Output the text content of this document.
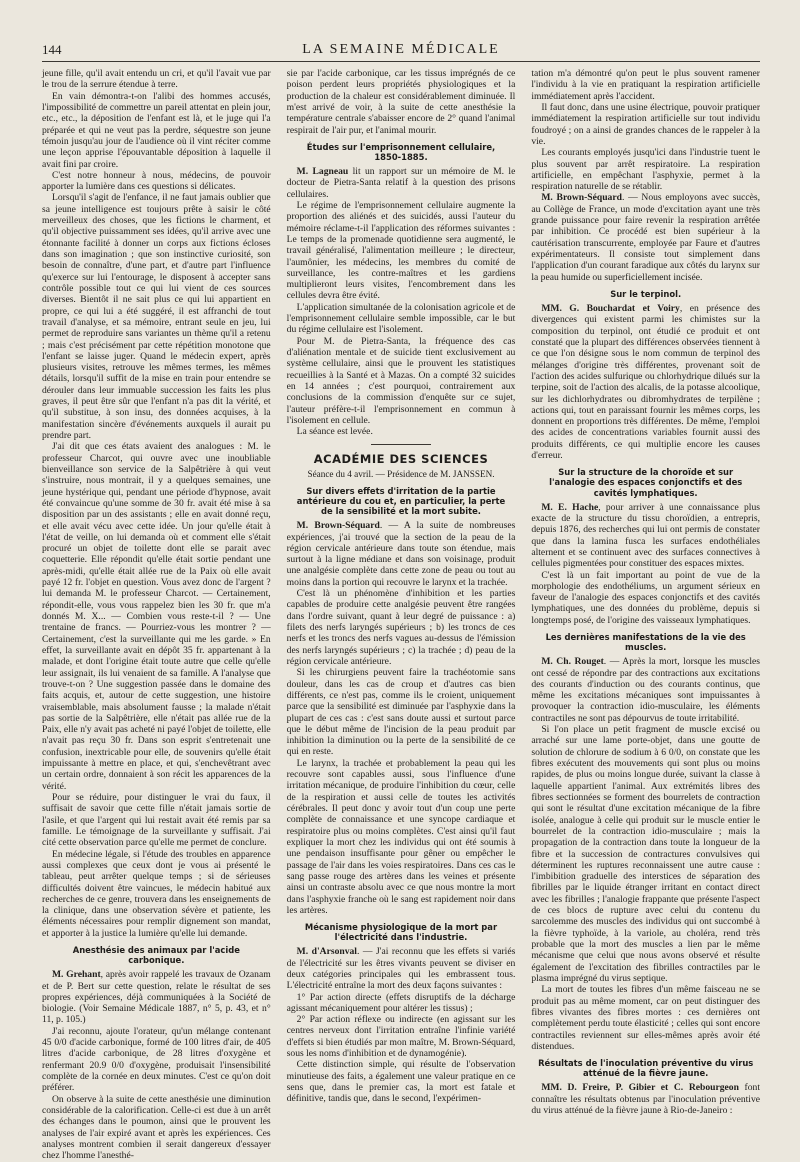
144	LA SEMAINE MÉDICALE

jeune fille, qu'il avait entendu un cri, et qu'il l'avait vue par le trou de la serrure étendue à terre.

En vain démontra-t-on l'alibi des hommes accusés, l'impossibilité de commettre un pareil attentat en plein jour, etc., etc., la déposition de l'enfant est là, et le juge qui l'a préparée et qui ne veut pas la perdre, séquestre son jeune témoin jusqu'au jour de l'audience où il vint réciter comme une leçon apprise l'épouvantable déposition à laquelle il avait fini par croire.

C'est notre honneur à nous, médecins, de pouvoir apporter la lumière dans ces questions si délicates.

Lorsqu'il s'agit de l'enfance, il ne faut jamais oublier que sa jeune intelligence est toujours prête à saisir le côté merveilleux des choses, que les fictions le charment, et qu'il objective puissamment ses idées, qu'il arrive avec une étonnante facilité à donner un corps aux fictions écloses dans son imagination ; que son instinctive curiosité, son besoin de connaître, d'une part, et d'autre part l'influence qu'exerce sur lui l'entourage, le disposent à accepter sans contrôle possible tout ce qui lui vient de ces sources diverses. Bientôt il ne sait plus ce qui lui appartient en propre, ce qui lui a été suggéré, il est affranchi de tout travail d'analyse, et sa mémoire, entrant seule en jeu, lui permet de reproduire sans variantes un thème qu'il a retenu ; mais c'est précisément par cette répétition monotone que l'enfant se laisse juger. Quand le médecin expert, après plusieurs visites, retrouve les mêmes termes, les mêmes détails, lorsqu'il suffit de la mise en train pour entendre se dérouler dans leur immuable succession les faits les plus graves, il peut être sûr que l'enfant n'a pas dit la vérité, et qu'il substitue, à son insu, des données acquises, à la manifestation sincère d'événements auxquels il aurait pu prendre part.

J'ai dit que ces états avaient des analogues : M. le professeur Charcot, qui ouvre avec une inoubliable bienveillance son service de la Salpêtrière à qui veut s'instruire, nous montrait, il y a quelques semaines, une jeune hystérique qui, pendant une période d'hypnose, avait été convaincue qu'une somme de 30 fr. avait été mise à sa disposition par un des assistants ; elle en avait donné reçu, et elle avait vécu avec cette idée. Un jour qu'elle était à l'état de veille, on lui demanda où et comment elle s'était procuré un objet de toilette dont elle se parait avec coquetterie. Elle répondit qu'elle était sortie pendant une après-midi, qu'elle était allée rue de la Paix où elle avait payé 12 fr. l'objet en question. Vous avez donc de l'argent ? lui demanda M. le professeur Charcot. — Certainement, répondit-elle, vous vous rappelez bien les 30 fr. que m'a donnés M. X... — Combien vous reste-t-il ? — Une trentaine de francs. — Pourriez-vous les montrer ? — Certainement, c'est la surveillante qui me les garde. » En effet, la surveillante avait en dépôt 35 fr. appartenant à la malade, et dont l'origine était toute autre que celle qu'elle leur assignait, ils lui venaient de sa famille. A l'analyse que trouve-t-on ? Une suggestion passée dans le domaine des faits acquis, et, autour de cette suggestion, une histoire vraisemblable, mais absolument fausse ; la malade n'était pas sortie de la Salpêtrière, elle n'était pas allée rue de la Paix, elle n'y avait pas acheté ni payé l'objet de toilette, elle n'avait pas reçu 30 fr. Dans son esprit s'entretenait une confusion, inextricable pour elle, de souvenirs qu'elle était impuissante à mettre en place, et qui, s'enchevêtrant avec un certain ordre, donnaient à son récit les apparences de la vérité.

Pour se réduire, pour distinguer le vrai du faux, il suffisait de savoir que cette fille n'était jamais sortie de l'asile, et que l'argent qui lui restait avait été remis par sa famille. Le témoignage de la surveillante y suffisait. J'ai cité cette observation parce qu'elle me permet de conclure.

En médecine légale, si l'étude des troubles en apparence aussi complexes que ceux dont je vous ai présenté le tableau, peut arrêter quelque temps ; si de sérieuses difficultés doivent être vaincues, le médecin habitué aux recherches de ce genre, trouvera dans les enseignements de la clinique, dans une observation sévère et patiente, les éléments nécessaires pour remplir dignement son mandat, et apporter à la justice la lumière qu'elle lui demande.

Anesthésie des animaux par l'acide carbonique.

M. Grehant, après avoir rappelé les travaux de Ozanam et de P. Bert sur cette question, relate le résultat de ses propres expériences, déjà communiquées à la Société de biologie. (Voir Semaine Médicale 1887, n° 5, p. 43, et n° 11, p. 105.)

J'ai reconnu, ajoute l'orateur, qu'un mélange contenant 45 0/0 d'acide carbonique, formé de 100 litres d'air, de 405 litres d'acide carbonique, de 28 litres d'oxygène et renfermant 20.9 0/0 d'oxygène, produisait l'insensibilité complète de la cornée en deux minutes. C'est ce qu'on doit préférer.

On observe à la suite de cette anesthésie une diminution considérable de la calorification. Celle-ci est due à un arrêt des échanges dans le poumon, ainsi que le prouvent les analyses de l'air expiré avant et après les expériences. Ces analyses montrent combien il serait dangereux d'essayer chez l'homme l'anesthé-

sie par l'acide carbonique, car les tissus imprégnés de ce poison perdent leurs propriétés physiologiques et la production de la chaleur est considérablement diminuée. Il m'est arrivé de voir, à la suite de cette anesthésie la température centrale s'abaisser encore de 2° quand l'animal respirait de l'air pur, et l'animal mourir.

Études sur l'emprisonnement cellulaire, 1850-1885.

M. Lagneau lit un rapport sur un mémoire de M. le docteur de Pietra-Santa relatif à la question des prisons cellulaires.

Le régime de l'emprisonnement cellulaire augmente la proportion des aliénés et des suicidés, aussi l'auteur du mémoire réclame-t-il l'application des réformes suivantes : Le temps de la promenade quotidienne sera augmenté, le travail généralisé, l'alimentation meilleure ; le directeur, l'aumônier, les médecins, les membres du comité de surveillance, les contre-maîtres et les gardiens multiplieront leurs visites, l'encombrement dans les cellules devra être évité.

L'application simultanée de la colonisation agricole et de l'emprisonnement cellulaire semble impossible, car le but du régime cellulaire est l'isolement.

Pour M. de Pietra-Santa, la fréquence des cas d'aliénation mentale et de suicide tient exclusivement au système cellulaire, ainsi que le prouvent les statistiques recueillies à la Santé et à Mazas. On a compté 32 suicides en 14 années ; c'est pourquoi, contrairement aux conclusions de la commission d'enquête sur ce sujet, l'auteur préfère-t-il l'emprisonnement en commun à l'isolement en cellule.

La séance est levée.

ACADÉMIE DES SCIENCES
Séance du 4 avril. — Présidence de M. JANSSEN.
Sur divers effets d'irritation de la partie antérieure du cou et, en particulier, la perte de la sensibilité et la mort subite.

M. Brown-Séquard. — A la suite de nombreuses expériences, j'ai trouvé que la section de la peau de la région cervicale antérieure dans toute son étendue, mais surtout à la ligne médiane et dans son voisinage, produit une analgésie complète dans cette zone de peau ou tout au moins dans la portion qui recouvre le larynx et la trachée.

C'est là un phénomène d'inhibition et les parties capables de produire cette analgésie peuvent être rangées dans l'ordre suivant, quant à leur degré de puissance : a) filets des nerfs laryngés supérieurs ; b) les troncs de ces nerfs et les troncs des nerfs vagues au-dessus de l'émission des nerfs laryngés supérieurs ; c) la trachée ; d) peau de la région cervicale antérieure.

Si les chirurgiens peuvent faire la trachéotomie sans douleur, dans les cas de croup et d'autres cas bien différents, ce n'est pas, comme ils le croient, uniquement parce que la sensibilité est diminuée par l'asphyxie dans la plupart de ces cas : c'est sans doute aussi et surtout parce que le début même de l'incision de la peau produit par inhibition la diminution ou la perte de la sensibilité de ce qui en reste.

Le larynx, la trachée et probablement la peau qui les recouvre sont capables aussi, sous l'influence d'une irritation mécanique, de produire l'inhibition du cœur, celle de la respiration et aussi celle de toutes les activités cérébrales. Il peut donc y avoir tout d'un coup une perte complète de connaissance et une syncope cardiaque et respiratoire plus ou moins complètes. C'est ainsi qu'il faut expliquer la mort chez les individus qui ont été soumis à une pendaison insuffisante pour gêner ou empêcher le passage de l'air dans les voies respiratoires. Dans ces cas le sang passe rouge des artères dans les veines et présente ainsi un contraste absolu avec ce que nous montre la mort dans l'asphyxie franche où le sang est rapidement noir dans les artères.

Mécanisme physiologique de la mort par l'électricité dans l'industrie.

M. d'Arsonval. — J'ai reconnu que les effets si variés de l'électricité sur les êtres vivants peuvent se diviser en deux catégories principales qui les embrassent tous. L'électricité entraîne la mort des deux façons suivantes :

1° Par action directe (effets disruptifs de la décharge agissant mécaniquement pour altérer les tissus) ;

2° Par action réflexe ou indirecte (en agissant sur les centres nerveux dont l'irritation entraîne l'infinie variété d'effets si bien étudiés par mon maître, M. Brown-Séquard, sous les noms d'inhibition et de dynamogénie).

Cette distinction simple, qui résulte de l'observation minutieuse des faits, a également une valeur pratique en ce sens que, dans le premier cas, la mort est fatale et définitive, tandis que, dans le second, l'expérimen-

tation m'a démontré qu'on peut le plus souvent ramener l'individu à la vie en pratiquant la respiration artificielle immédiatement après l'accident.

Il faut donc, dans une usine électrique, pouvoir pratiquer immédiatement la respiration artificielle sur tout individu foudroyé ; on a ainsi de grandes chances de le rappeler à la vie.

Les courants employés jusqu'ici dans l'industrie tuent le plus souvent par arrêt respiratoire. La respiration artificielle, en empêchant l'asphyxie, permet à la respiration naturelle de se rétablir.

M. Brown-Séquard. — Nous employons avec succès, au Collège de France, un mode d'excitation ayant une très grande puissance pour faire revenir la respiration arrêtée par inhibition. Ce procédé est bien supérieur à la cautérisation transcurrente, employée par Faure et d'autres expérimentateurs. Il consiste tout simplement dans l'application d'un courant faradique aux côtés du larynx sur la peau humide ou superficiellement incisée.

Sur le terpinol.

MM. G. Bouchardat et Voiry, en présence des divergences qui existent parmi les chimistes sur la composition du terpinol, ont étudié ce produit et ont constaté que la plupart des différences observées tiennent à ce que l'on désigne sous le nom commun de terpinol des mélanges d'origine très différentes, provenant soit de l'action des acides sulfurique ou chlorhydrique dilués sur la terpine, soit de l'action des alcalis, de la potasse alcoolique, sur les dichlorhydrates ou dibromhydrates de terpilène ; actions qui, tout en paraissant fournir les mêmes corps, les donnent en proportions très différentes. De même, l'emploi des acides de concentrations variables fournit aussi des produits différents, ce qui multiplie encore les causes d'erreur.

Sur la structure de la choroïde et sur l'analogie des espaces conjonctifs et des cavités lymphatiques.

M. E. Hache, pour arriver à une connaissance plus exacte de la structure du tissu choroïdien, a entrepris, depuis 1876, des recherches qui lui ont permis de constater que dans la lamina fusca les surfaces endothéliales alternent et se continuent avec des surfaces connectives à cellules pigmentées pour constituer des espaces mixtes.

C'est là un fait important au point de vue de la morphologie des endothéliums, un argument sérieux en faveur de l'analogie des espaces conjonctifs et des cavités lymphatiques, une des données du problème, depuis si longtemps posé, de l'origine des vaisseaux lymphatiques.

Les dernières manifestations de la vie des muscles.

M. Ch. Rouget. — Après la mort, lorsque les muscles ont cessé de répondre par des contractions aux excitations des courants d'induction ou des courants continus, que même les excitations mécaniques sont impuissantes à provoquer la contraction idio-musculaire, les éléments contractiles ne sont pas dépourvus de toute irritabilité.

Si l'on place un petit fragment de muscle excisé ou arraché sur une lame porte-objet, dans une goutte de solution de chlorure de sodium à 6 0/0, on constate que les fibres exécutent des mouvements qui sont plus ou moins rapides, de plus ou moins longue durée, suivant la classe à laquelle appartient l'animal. Aux extrémités libres des fibres sectionnées se forment des bourrelets de contraction qui sont le résultat d'une excitation mécanique de la fibre isolée, analogue à celle qui produit sur le muscle entier le bourrelet de la contraction idio-musculaire ; mais la propagation de la contraction dans toute la longueur de la fibre et la succession de contractures convulsives qui déterminent les ruptures reconnaissent une autre cause : l'imbibition graduelle des interstices de séparation des fibrilles par le liquide étranger irritant en contact direct avec les fibrilles ; l'analogie frappante que présente l'aspect de ces blocs de rupture avec celui du contenu du sarcolemme des muscles des individus qui ont succombé à la fièvre typhoïde, à la variole, au choléra, rend très probable que la mort des muscles a lien par le même mécanisme que celui que nous avons observé et résulte également de l'excitation des fibrilles contractiles par le plasma imprégné du virus septique.

La mort de toutes les fibres d'un même faisceau ne se produit pas au même moment, car on peut distinguer des fibres vivantes des fibres mortes : ces dernières ont complètement perdu toute élasticité ; celles qui sont encore contractiles reviennent sur elles-mêmes après avoir été distendues.

Résultats de l'inoculation préventive du virus atténué de la fièvre jaune.

MM. D. Freire, P. Gibier et C. Rebourgeon font connaître les résultats obtenus par l'inoculation préventive du virus atténué de la fièvre jaune à Rio-de-Janeiro :
